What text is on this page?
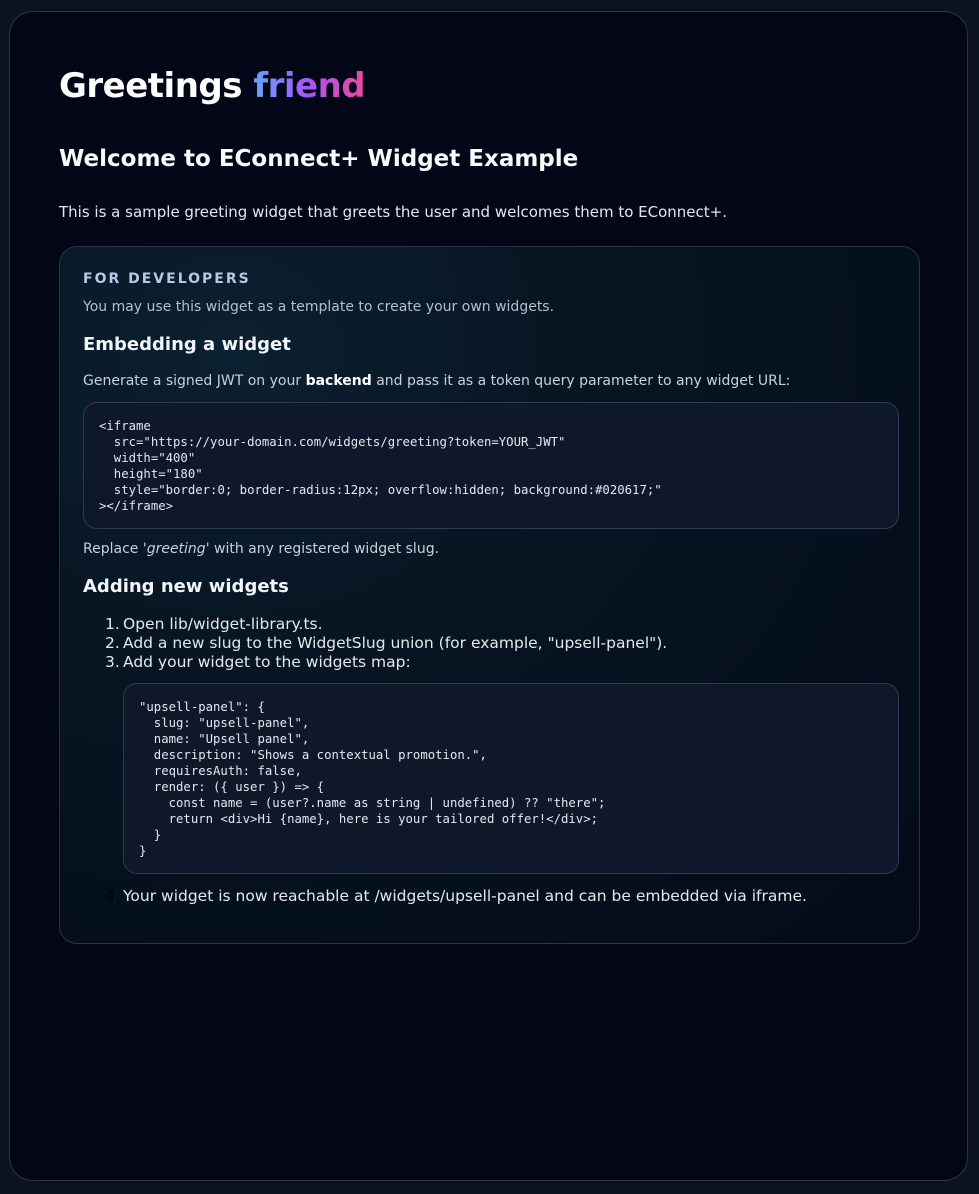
Greetings friend
Welcome to EConnect+ Widget Example

This is a sample greeting widget that greets the user and welcomes them to EConnect+.

FOR DEVELOPERS

You may use this widget as a template to create your own widgets.

Embedding a widget

Generate a signed JWT on your backend and pass it as a token query parameter to any widget URL:

<iframe
src="https://your-domain.com/widgets/greeting?token=YOUR_JWT"
width="400"
height="180"
style="border:0; border-radius:12px; overflow:hidden; background:#020617;"
></iframe>

Replace 'greeting' with any registered widget slug.

Adding new widgets
1. Open lib/widget-library.ts.
2. Add a new slug to the WidgetSlug union (for example, "upsell-panel").
3. Add your widget to the widgets map:
"upsell-panel": {
slug: "upsell-panel",
name: "Upsell panel",
description: "Shows a contextual promotion.",
requiresAuth: false,
render: ({ user }) => {
const name = (user?.name as string | undefined) ?? "there";
return <div>Hi {name}, here is your tailored offer!</div>;
}
}
4. Your widget is now reachable at /widgets/upsell-panel and can be embedded via iframe.
